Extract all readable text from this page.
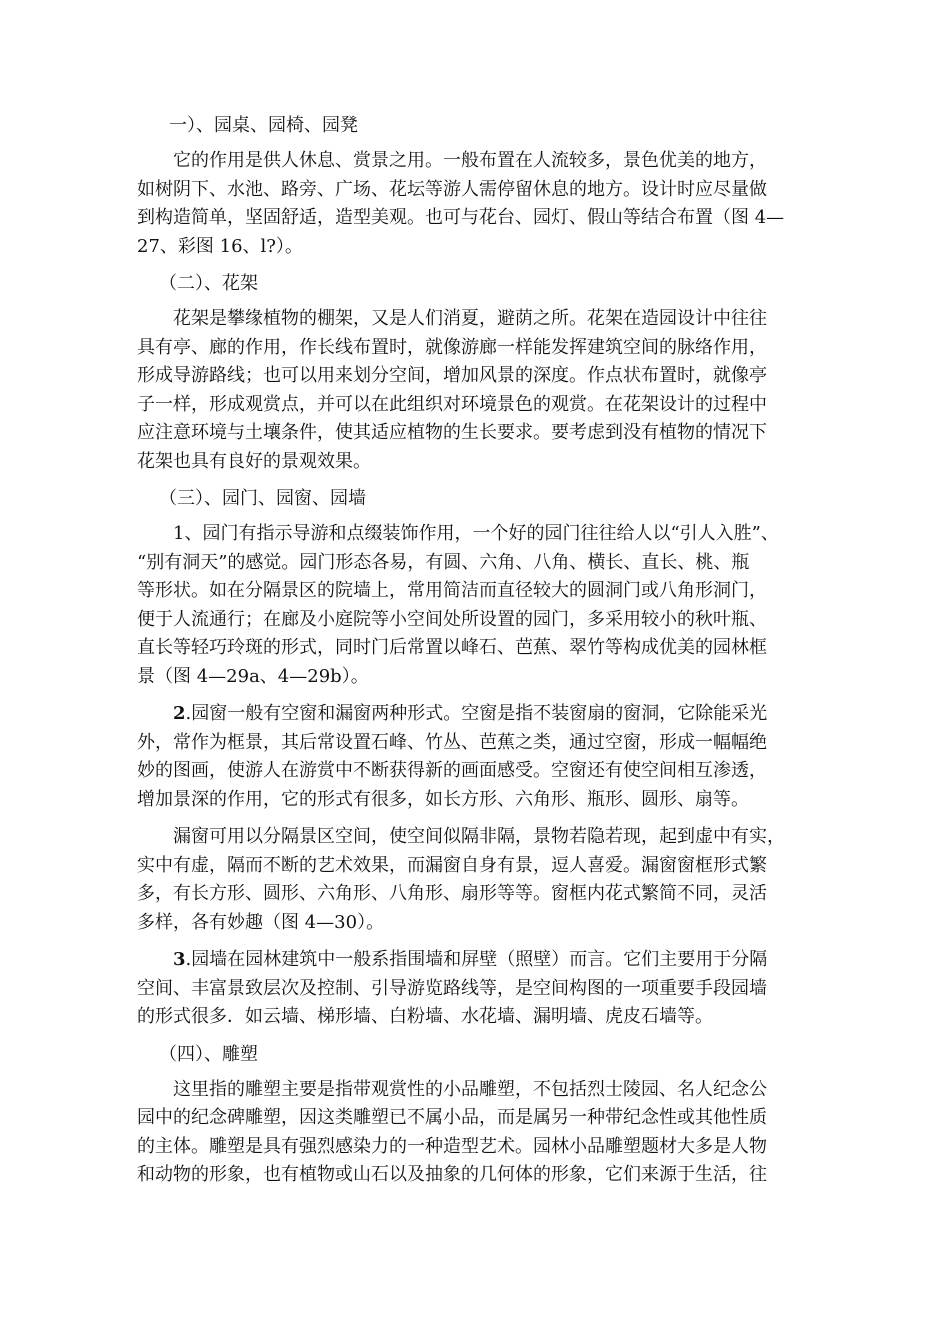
一）、园桌、园椅、园凳
它的作用是供人休息、赏景之用。一般布置在人流较多，景色优美的地方，
如树阴下、水池、路旁、广场、花坛等游人需停留休息的地方。设计时应尽量做
到构造简单，坚固舒适，造型美观。也可与花台、园灯、假山等结合布置（图 4—
27、彩图 16、l?）。
（二）、花架
花架是攀缘植物的棚架，又是人们消夏，避荫之所。花架在造园设计中往往
具有亭、廊的作用，作长线布置时，就像游廊一样能发挥建筑空间的脉络作用，
形成导游路线；也可以用来划分空间，增加风景的深度。作点状布置时，就像亭
子一样，形成观赏点，并可以在此组织对环境景色的观赏。在花架设计的过程中
应注意环境与土壤条件，使其适应植物的生长要求。要考虑到没有植物的情况下
花架也具有良好的景观效果。
（三）、园门、园窗、园墙
1、园门有指示导游和点缀装饰作用，一个好的园门往往给人以“引人入胜”、
“别有洞天”的感觉。园门形态各易，有圆、六角、八角、横长、直长、桃、瓶
等形状。如在分隔景区的院墙上，常用简洁而直径较大的圆洞门或八角形洞门，
便于人流通行；在廊及小庭院等小空间处所设置的园门，多采用较小的秋叶瓶、
直长等轻巧玲斑的形式，同时门后常置以峰石、芭蕉、翠竹等构成优美的园林框
景（图 4—29a、4—29b）。
2.园窗一般有空窗和漏窗两种形式。空窗是指不装窗扇的窗洞，它除能采光
外，常作为框景，其后常设置石峰、竹丛、芭蕉之类，通过空窗，形成一幅幅绝
妙的图画，使游人在游赏中不断获得新的画面感受。空窗还有使空间相互渗透，
增加景深的作用，它的形式有很多，如长方形、六角形、瓶形、圆形、扇等。
漏窗可用以分隔景区空间，使空间似隔非隔，景物若隐若现，起到虚中有实，
实中有虚，隔而不断的艺术效果，而漏窗自身有景，逗人喜爱。漏窗窗框形式繁
多，有长方形、圆形、六角形、八角形、扇形等等。窗框内花式繁简不同，灵活
多样，各有妙趣（图 4—30）。
3.园墙在园林建筑中一般系指围墙和屏壁（照壁）而言。它们主要用于分隔
空间、丰富景致层次及控制、引导游览路线等，是空间构图的一项重要手段园墙
的形式很多．如云墙、梯形墙、白粉墙、水花墙、漏明墙、虎皮石墙等。
（四）、雕塑
这里指的雕塑主要是指带观赏性的小品雕塑，不包括烈士陵园、名人纪念公
园中的纪念碑雕塑，因这类雕塑已不属小品，而是属另一种带纪念性或其他性质
的主体。雕塑是具有强烈感染力的一种造型艺术。园林小品雕塑题材大多是人物
和动物的形象，也有植物或山石以及抽象的几何体的形象，它们来源于生活，往
